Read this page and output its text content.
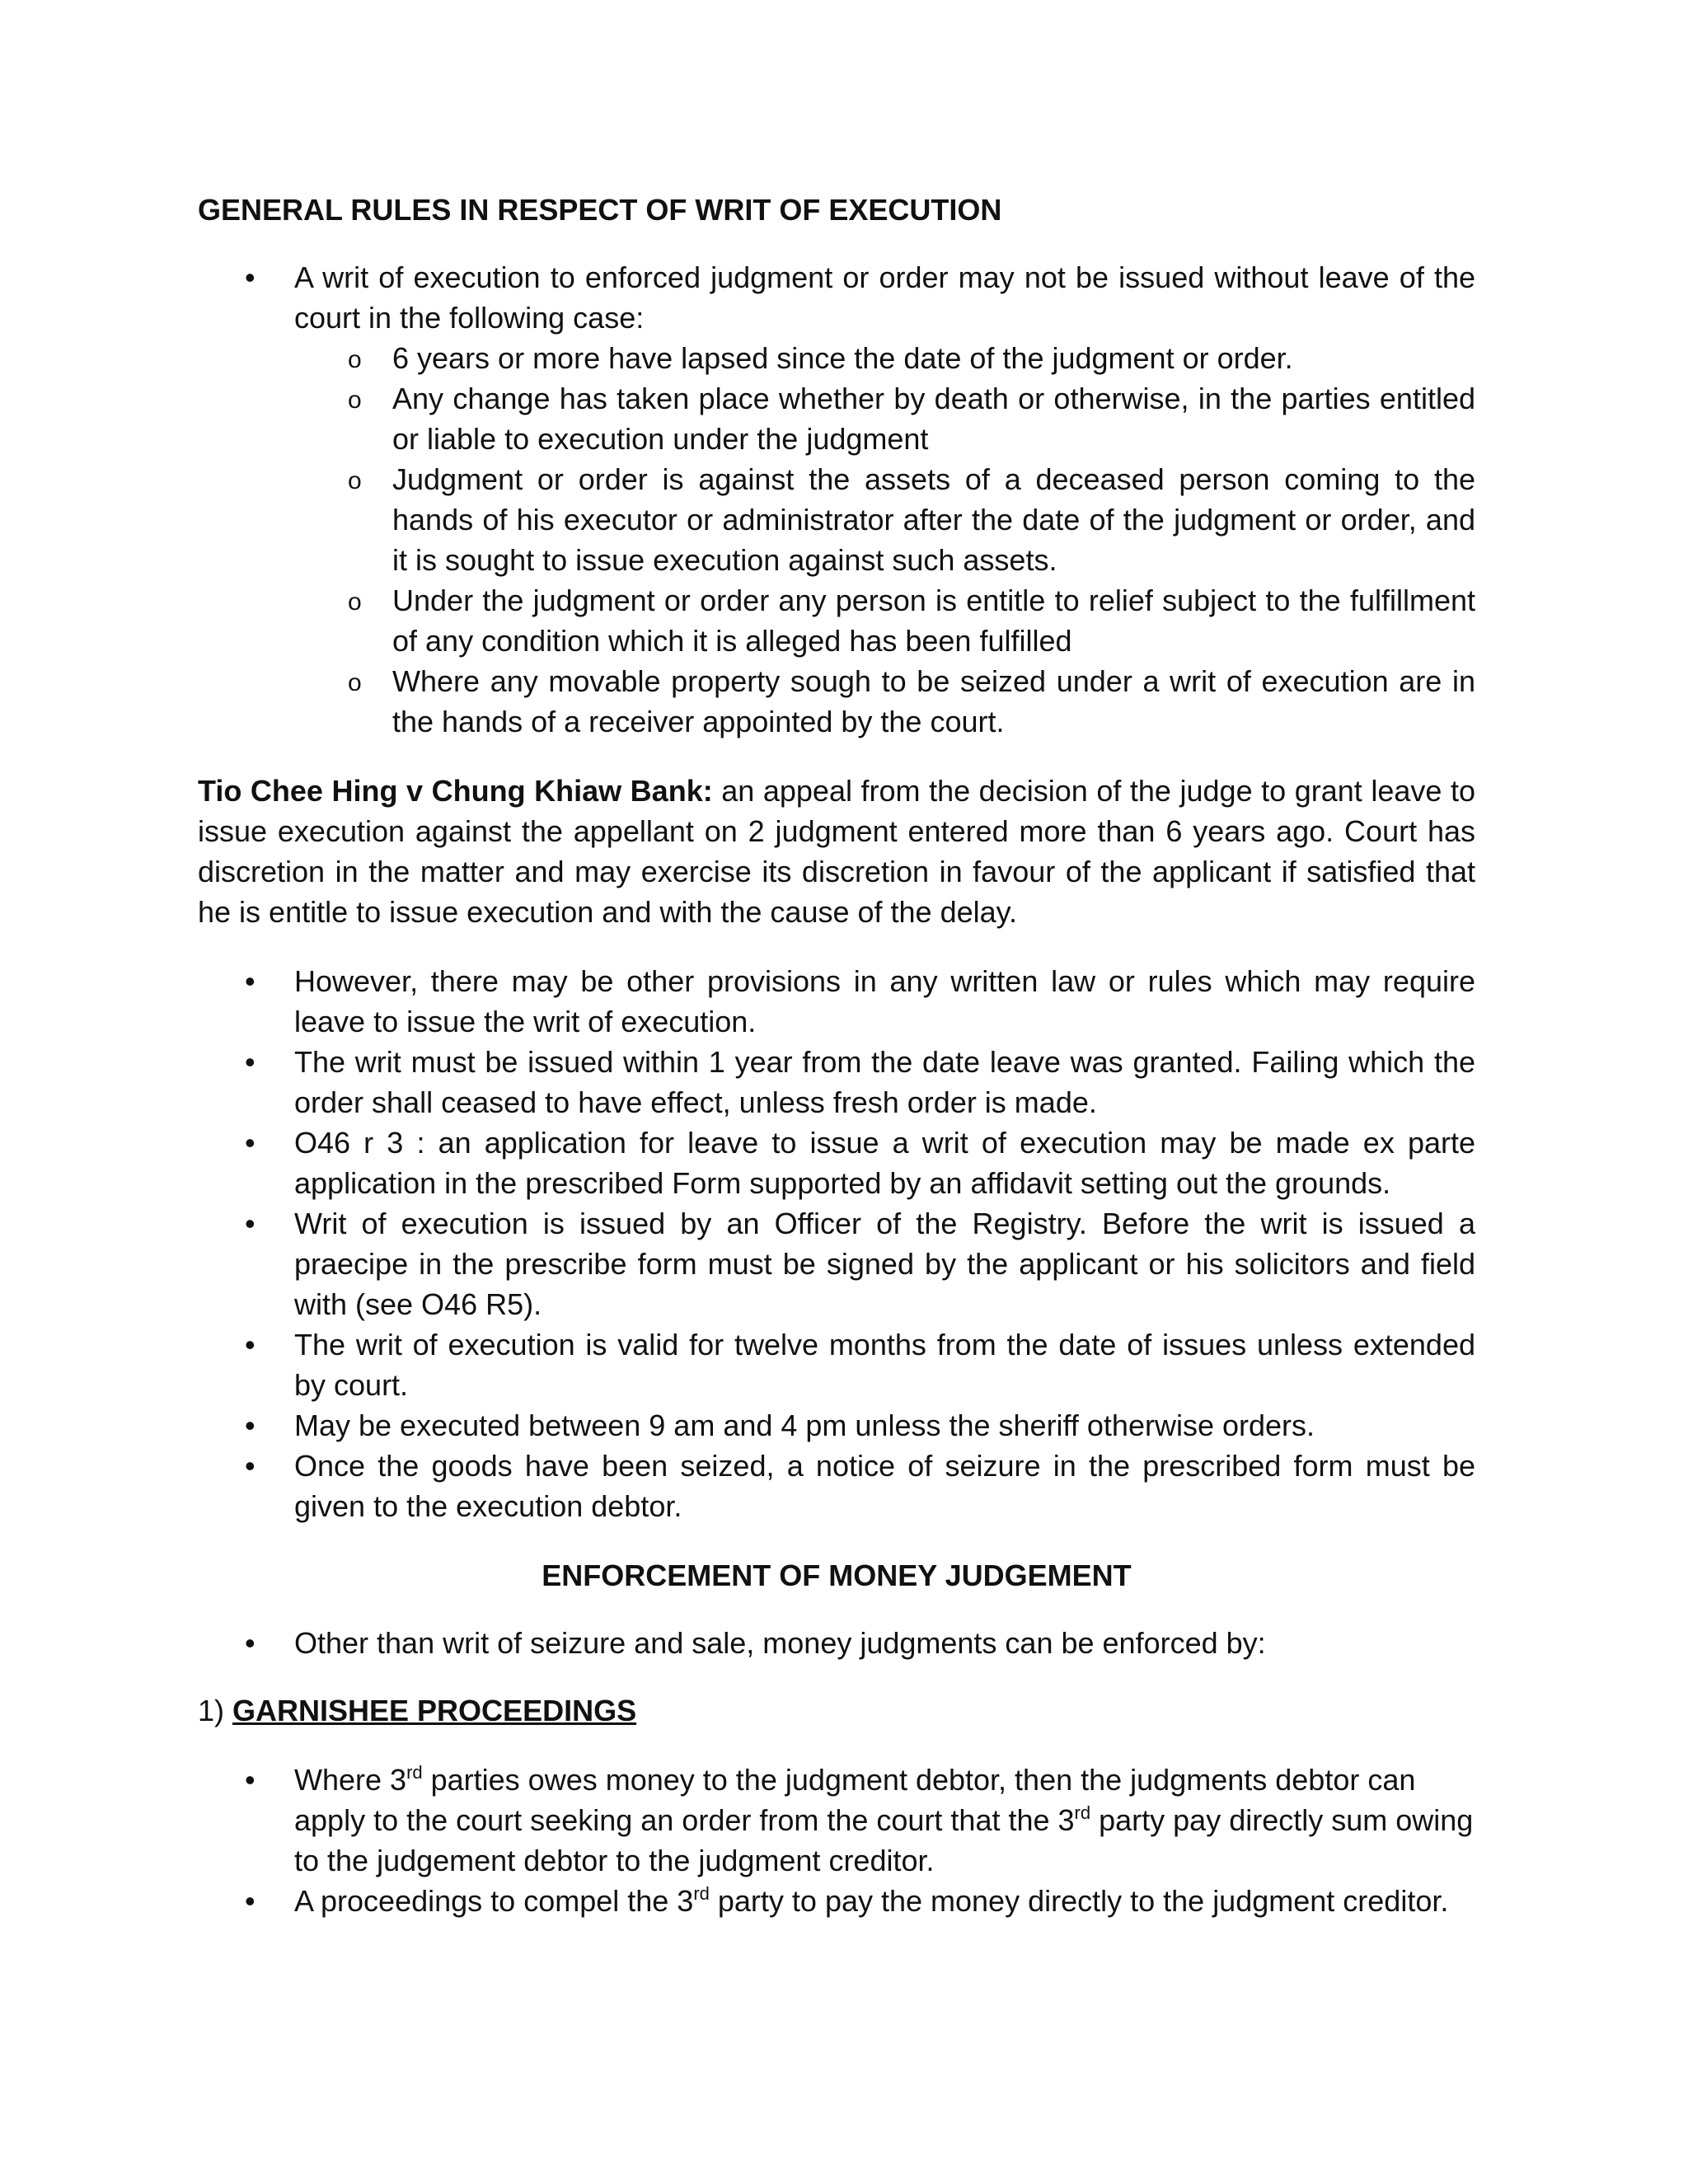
GENERAL RULES IN RESPECT OF WRIT OF EXECUTION
• A writ of execution to enforced judgment or order may not be issued without leave of the court in the following case:
o 6 years or more have lapsed since the date of the judgment or order.
o Any change has taken place whether by death or otherwise, in the parties entitled or liable to execution under the judgment
o Judgment or order is against the assets of a deceased person coming to the hands of his executor or administrator after the date of the judgment or order, and it is sought to issue execution against such assets.
o Under the judgment or order any person is entitle to relief subject to the fulfillment of any condition which it is alleged has been fulfilled
o Where any movable property sough to be seized under a writ of execution are in the hands of a receiver appointed by the court.

Tio Chee Hing v Chung Khiaw Bank: an appeal from the decision of the judge to grant leave to issue execution against the appellant on 2 judgment entered more than 6 years ago. Court has discretion in the matter and may exercise its discretion in favour of the applicant if satisfied that he is entitle to issue execution and with the cause of the delay.

• However, there may be other provisions in any written law or rules which may require leave to issue the writ of execution.
• The writ must be issued within 1 year from the date leave was granted. Failing which the order shall ceased to have effect, unless fresh order is made.
• O46 r 3 : an application for leave to issue a writ of execution may be made ex parte application in the prescribed Form supported by an affidavit setting out the grounds.
• Writ of execution is issued by an Officer of the Registry. Before the writ is issued a praecipe in the prescribe form must be signed by the applicant or his solicitors and field with (see O46 R5).
• The writ of execution is valid for twelve months from the date of issues unless extended by court.
• May be executed between 9 am and 4 pm unless the sheriff otherwise orders.
• Once the goods have been seized, a notice of seizure in the prescribed form must be given to the execution debtor.
ENFORCEMENT OF MONEY JUDGEMENT
• Other than writ of seizure and sale, money judgments can be enforced by:
1) GARNISHEE PROCEEDINGS
• Where 3rd parties owes money to the judgment debtor, then the judgments debtor can apply to the court seeking an order from the court that the 3rd party pay directly sum owing to the judgement debtor to the judgment creditor.
• A proceedings to compel the 3rd party to pay the money directly to the judgment creditor.
